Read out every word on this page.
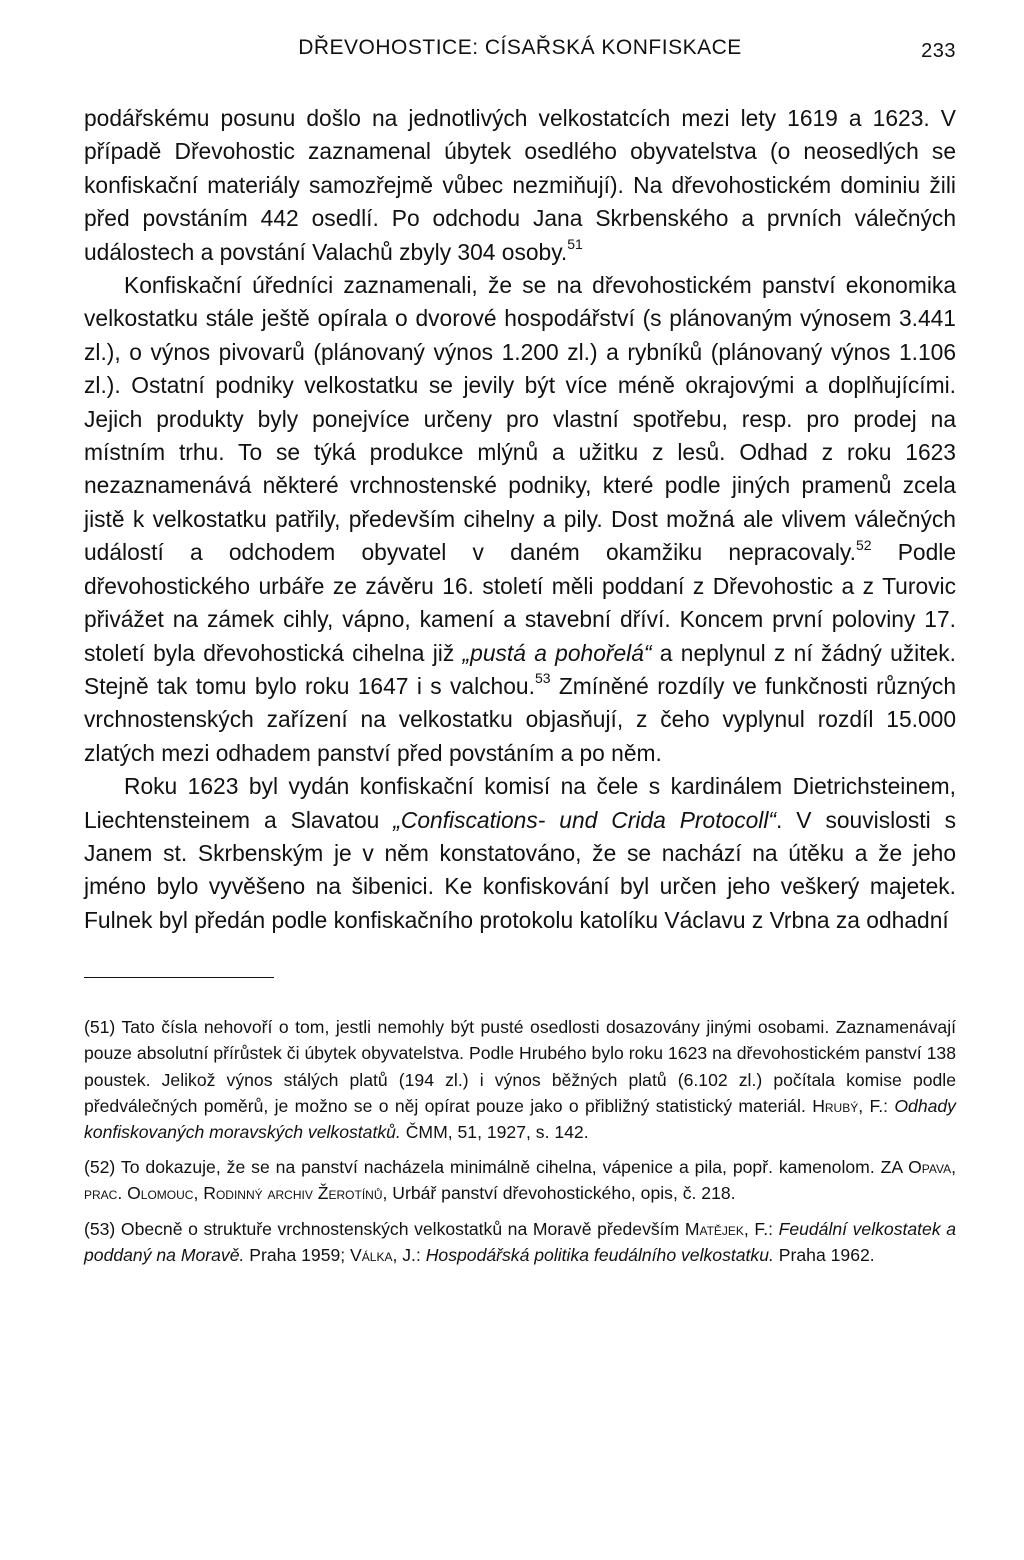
DŘEVOHOSTICE: CÍSAŘSKÁ KONFISKACE	233

podářskému posunu došlo na jednotlivých velkostatcích mezi lety 1619 a 1623. V případě Dřevohostic zaznamenal úbytek osedlého obyvatelstva (o neosedlých se konfiskační materiály samozřejmě vůbec nezmiňují). Na dřevohostickém dominiu žili před povstáním 442 osedlí. Po odchodu Jana Skrbenského a prvních válečných událostech a povstání Valachů zbyly 304 osoby.$^{51}$

Konfiskační úředníci zaznamenali, že se na dřevohostickém panství ekonomika velkostatku stále ještě opírala o dvorové hospodářství (s plánovaným výnosem 3.441 zl.), o výnos pivovarů (plánovaný výnos 1.200 zl.) a rybníků (plánovaný výnos 1.106 zl.). Ostatní podniky velkostatku se jevily být více méně okrajovými a doplňujícími. Jejich produkty byly ponejvíce určeny pro vlastní spotřebu, resp. pro prodej na místním trhu. To se týká produkce mlýnů a užitku z lesů. Odhad z roku 1623 nezaznamenává některé vrchnostenské podniky, které podle jiných pramenů zcela jistě k velkostatku patřily, především cihelny a pily. Dost možná ale vlivem válečných událostí a odchodem obyvatel v daném okamžiku nepracovaly.$^{52}$ Podle dřevohostického urbáře ze závěru 16. století měli poddaní z Dřevohostic a z Turovic přivážet na zámek cihly, vápno, kamení a stavební dříví. Koncem první poloviny 17. století byla dřevohostická cihelna již „pustá a pohořelá“ a neplynul z ní žádný užitek. Stejně tak tomu bylo roku 1647 i s valchou.$^{53}$ Zmíněné rozdíly ve funkčnosti různých vrchnostenských zařízení na velkostatku objasňují, z čeho vyplynul rozdíl 15.000 zlatých mezi odhadem panství před povstáním a po něm.

Roku 1623 byl vydán konfiskační komisí na čele s kardinálem Dietrichsteinem, Liechtensteinem a Slavatou „Confiscations- und Crida Protocoll“. V souvislosti s Janem st. Skrbenským je v něm konstatováno, že se nachází na útěku a že jeho jméno bylo vyvěšeno na šibenici. Ke konfiskování byl určen jeho veškerý majetek. Fulnek byl předán podle konfiskačního protokolu katolíku Václavu z Vrbna za odhadní

(51) Tato čísla nehovoří o tom, jestli nemohly být pusté osedlosti dosazovány jinými osobami. Zaznamenávají pouze absolutní přírůstek či úbytek obyvatelstva. Podle Hrubého bylo roku 1623 na dřevohostickém panství 138 poustek. Jelikož výnos stálých platů (194 zl.) i výnos běžných platů (6.102 zl.) počítala komise podle předválečných poměrů, je možno se o něj opírat pouze jako o přibližný statistický materiál. Hrubý, F.: Odhady konfiskovaných moravských velkostatků. ČMM, 51, 1927, s. 142.

(52) To dokazuje, že se na panství nacházela minimálně cihelna, vápenice a pila, popř. kamenolom. ZA Opava, prac. Olomouc, Rodinný archiv Žerotínů, Urbář panství dřevohostického, opis, č. 218.

(53) Obecně o struktuře vrchnostenských velkostatků na Moravě především Matějek, F.: Feudální velkostatek a poddaný na Moravě. Praha 1959; Válka, J.: Hospodářská politika feudálního velkostatku. Praha 1962.
